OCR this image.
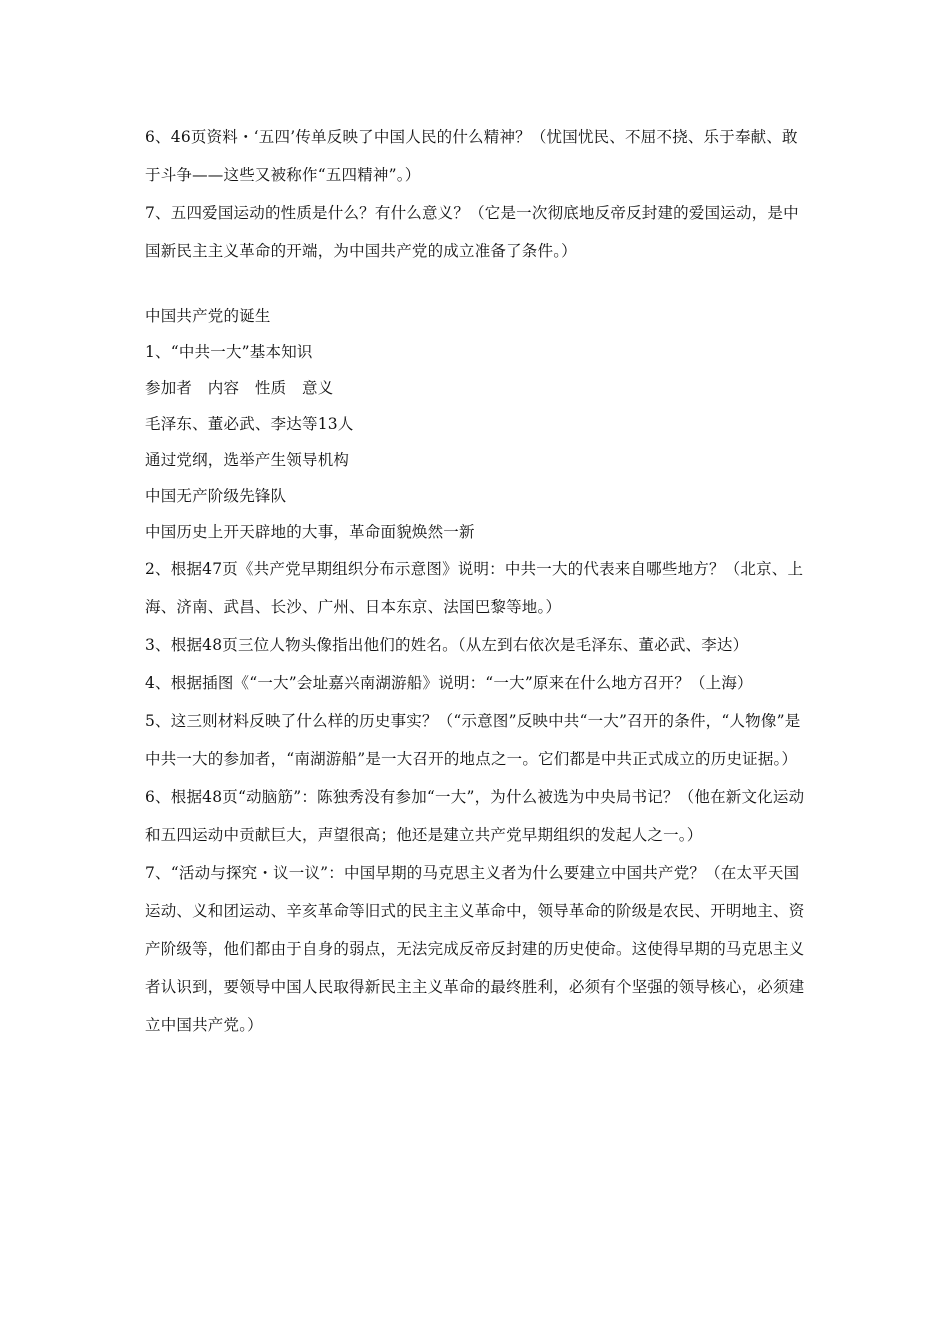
6、46页资料・‘五四’传单反映了中国人民的什么精神？（忧国忧民、不屈不挠、乐于奉献、敢于斗争——这些又被称作“五四精神”。）

7、五四爱国运动的性质是什么？有什么意义？（它是一次彻底地反帝反封建的爱国运动，是中国新民主主义革命的开端，为中国共产党的成立准备了条件。）

中国共产党的诞生

1、“中共一大”基本知识

参加者　内容　性质　意义

毛泽东、董必武、李达等13人

通过党纲，选举产生领导机构

中国无产阶级先锋队

中国历史上开天辟地的大事，革命面貌焕然一新

2、根据47页《共产党早期组织分布示意图》说明：中共一大的代表来自哪些地方？（北京、上海、济南、武昌、长沙、广州、日本东京、法国巴黎等地。）

3、根据48页三位人物头像指出他们的姓名。（从左到右依次是毛泽东、董必武、李达）

4、根据插图《“一大”会址嘉兴南湖游船》说明：“一大”原来在什么地方召开？（上海）

5、这三则材料反映了什么样的历史事实？（“示意图”反映中共“一大”召开的条件，“人物像”是中共一大的参加者，“南湖游船”是一大召开的地点之一。它们都是中共正式成立的历史证据。）

6、根据48页“动脑筋”：陈独秀没有参加“一大”，为什么被选为中央局书记？（他在新文化运动和五四运动中贡献巨大，声望很高；他还是建立共产党早期组织的发起人之一。）

7、“活动与探究・议一议”：中国早期的马克思主义者为什么要建立中国共产党？（在太平天国运动、义和团运动、辛亥革命等旧式的民主主义革命中，领导革命的阶级是农民、开明地主、资产阶级等，他们都由于自身的弱点，无法完成反帝反封建的历史使命。这使得早期的马克思主义者认识到，要领导中国人民取得新民主主义革命的最终胜利，必须有个坚强的领导核心，必须建立中国共产党。）
